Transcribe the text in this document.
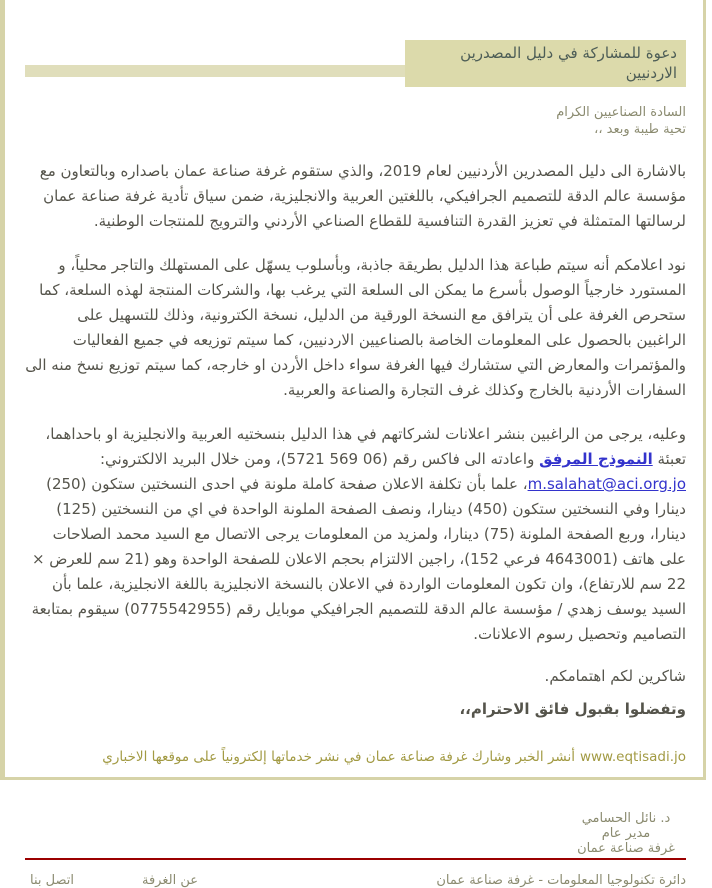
دعوة للمشاركة في دليل المصدرين الاردنيين
السادة الصناعيين الكرام
تحية طيبة وبعد ،،

بالاشارة الى دليل المصدرين الأردنيين لعام 2019، والذي ستقوم غرفة صناعة عمان باصداره وبالتعاون مع مؤسسة عالم الدقة للتصميم الجرافيكي، باللغتين العربية والانجليزية، ضمن سياق تأدية غرفة صناعة عمان لرسالتها المتمثلة في تعزيز القدرة التنافسية للقطاع الصناعي الأردني والترويج للمنتجات الوطنية.

نود اعلامكم أنه سيتم طباعة هذا الدليل بطريقة جاذبة، وبأسلوب يسهّل على المستهلك والتاجر محلياً، و المستورد خارجياً الوصول بأسرع ما يمكن الى السلعة التي يرغب بها، والشركات المنتجة لهذه السلعة، كما ستحرص الغرفة على أن يترافق مع النسخة الورقية من الدليل، نسخة الكترونية، وذلك للتسهيل على الراغبين بالحصول على المعلومات الخاصة بالصناعيين الاردنيين، كما سيتم توزيعه في جميع الفعاليات والمؤتمرات والمعارض التي ستشارك فيها الغرفة سواء داخل الأردن او خارجه، كما سيتم توزيع نسخ منه الى السفارات الأردنية بالخارج وكذلك غرف التجارة والصناعة والعربية.

وعليه، يرجى من الراغبين بنشر اعلانات لشركاتهم في هذا الدليل بنسختيه العربية والانجليزية او باحداهما، تعبئة النموذج المرفق واعادته الى فاكس رقم (06 569 5721)، ومن خلال البريد الالكتروني: m.salahat@aci.org.jo، علما بأن تكلفة الاعلان صفحة كاملة ملونة في احدى النسختين ستكون (250) دينارا وفي النسختين ستكون (450) دينارا، ونصف الصفحة الملونة الواحدة في اي من النسختين (125) دينارا، وربع الصفحة الملونة (75) دينارا، ولمزيد من المعلومات يرجى الاتصال مع السيد محمد الصلاحات على هاتف (4643001 فرعي 152)، راجين الالتزام بحجم الاعلان للصفحة الواحدة وهو (21 سم للعرض × 22 سم للارتفاع)، وان تكون المعلومات الواردة في الاعلان بالنسخة الانجليزية باللغة الانجليزية، علما بأن السيد يوسف زهدي / مؤسسة عالم الدقة للتصميم الجرافيكي موبايل رقم (0775542955) سيقوم بمتابعة التصاميم وتحصيل رسوم الاعلانات.

شاكرين لكم اهتمامكم.

وتفضلوا بقبول فائق الاحترام،،

www.eqtisadi.jo
أنشر الخبر وشارك غرفة صناعة عمان في نشر خدماتها إلكترونياً على موقعها الاخباري
د. نائل الحسامي
مدير عام
غرفة صناعة عمان
دائرة تكنولوجيا المعلومات - غرفة صناعة عمان
عن الغرفة
اتصل بنا
